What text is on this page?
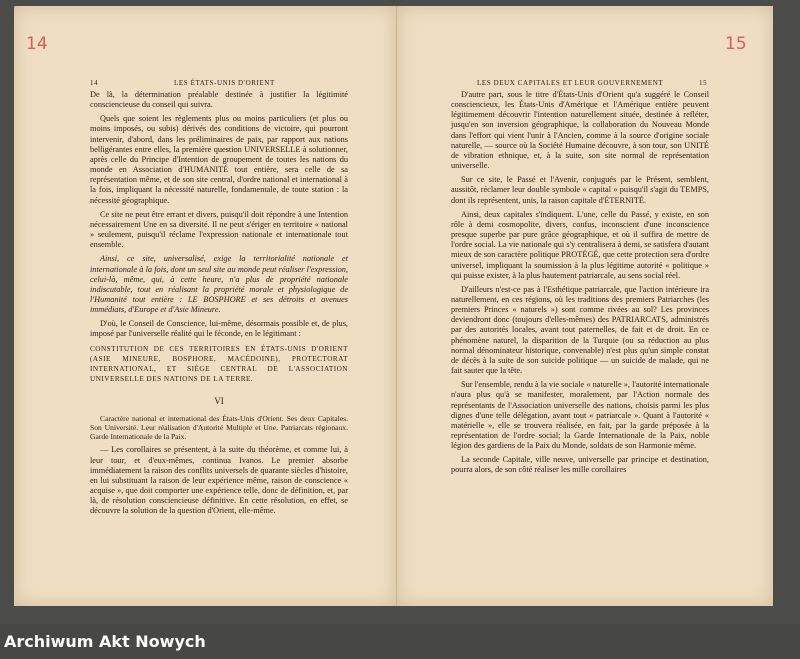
14
14	LES ÉTATS-UNIS D'ORIENT

De là, la détermination préalable destinée à justifier la légitimité consciencieuse du conseil qui suivra.

Quels que soient les règlements plus ou moins particuliers (et plus ou moins imposés, ou subis) dérivés des conditions de victoire, qui pourront intervenir, d'abord, dans les préliminaires de paix, par rapport aux nations belligérantes entre elles, la première question UNIVERSELLE à solutionner, après celle du Principe d'Intention de groupement de toutes les nations du monde en Association d'HUMANITÉ tout entière, sera celle de sa représentation même, et de son site central, d'ordre national et international à la fois, impliquant la nécessité naturelle, fondamentale, de toute station : la nécessité géographique.

Ce site ne peut être errant et divers, puisqu'il doit répondre à une Intention nécessairement Une en sa diversité. Il ne peut s'ériger en territoire « national » seulement, puisqu'il réclame l'expression nationale et internationale tout ensemble.

Ainsi, ce site, universalisé, exige la territorialité nationale et internationale à la fois, dont un seul site au monde peut réaliser l'expression, celui-là, même, qui, à cette heure, n'a plus de propriété nationale indiscutable, tout en réalisant la propriété morale et physiologique de l'Humanité tout entière : LE BOSPHORE et ses détroits et avenues immédiats, d'Europe et d'Asie Mineure.

D'où, le Conseil de Conscience, lui-même, désormais possible et, de plus, imposé par l'universelle réalité qui le féconde, en le légitimant :

CONSTITUTION DE CES TERRITOIRES EN ÉTATS-UNIS D'ORIENT (ASIE MINEURE, BOSPHORE, MACÉDOINE), PROTECTORAT INTERNATIONAL, ET SIÈGE CENTRAL DE L'ASSOCIATION UNIVERSELLE DES NATIONS DE LA TERRE.

VI

Caractère national et international des États-Unis d'Orient. Ses deux Capitales. Son Université. Leur réalisation d'Autorité Multiple et Une. Patriarcats régionaux. Garde Internationale de la Paix.

— Les corollaires se présentent, à la suite du théorème, et comme lui, à leur tour, et d'eux-mêmes, continua Ivanos. Le premier absorbe immédiatement la raison des conflits universels de quarante siècles d'histoire, en lui substituant la raison de leur expérience même, raison de conscience « acquise », que doit comporter une expérience telle, donc de définition, et, par là, de résolution consciencieuse définitive. En cette résolution, en effet, se découvre la solution de la question d'Orient, elle-même.

15
LES DEUX CAPITALES ET LEUR GOUVERNEMENT	15

D'autre part, sous le titre d'États-Unis d'Orient qu'a suggéré le Conseil consciencieux, les États-Unis d'Amérique et l'Amérique entière peuvent légitimement découvrir l'intention naturellement située, destinée à refléter, jusqu'en son inversion géographique, la collaboration du Nouveau Monde dans l'effort qui vient l'unir à l'Ancien, comme à la source d'origine sociale naturelle, — source où la Société Humaine découvre, à son tour, son UNITÉ de vibration ethnique, et, à la suite, son site normal de représentation universelle.

Sur ce site, le Passé et l'Avenir, conjugués par le Présent, semblent, aussitôt, réclamer leur double symbole « capital » puisqu'il s'agit du TEMPS, dont ils représentent, unis, la raison capitale d'ÉTERNITÉ.

Ainsi, deux capitales s'indiquent. L'une, celle du Passé, y existe, en son rôle à demi cosmopolite, divers, confus, inconscient d'une inconscience presque superbe par pure grâce géographique, et où il suffira de mettre de l'ordre social. La vie nationale qui s'y centralisera à demi, se satisfera d'autant mieux de son caractère politique PROTÉGÉ, que cette protection sera d'ordre universel, impliquant la soumission à la plus légitime autorité « politique » qui puisse exister, à la plus hautement patriarcale, au sens social réel.

D'ailleurs n'est-ce pas à l'Esthétique patriarcale, que l'action intérieure ira naturellement, en ces régions, où les traditions des premiers Patriarches (les premiers Princes « naturels ») sont comme rivées au sol? Les provinces deviendront donc (toujours d'elles-mêmes) des PATRIARCATS, administrés par des autorités locales, avant tout paternelles, de fait et de droit. En ce phénomène naturel, la disparition de la Turquie (ou sa réduction au plus normal dénominateur historique, convenable) n'est plus qu'un simple constat de décès à la suite de son suicide politique — un suicide de malade, qui ne fait sauter que la tête.

Sur l'ensemble, rendu à la vie sociale « naturelle », l'autorité internationale n'aura plus qu'à se manifester, moralement, par l'Action normale des représentants de l'Association universelle des nations, choisis parmi les plus dignes d'une telle délégation, avant tout « patriarcale ». Quant à l'autorité « matérielle », elle se trouvera réalisée, en fait, par la garde préposée à la représentation de l'ordre social; la Garde Internationale de la Paix, noble légion des gardiens de la Paix du Monde, soldats de son Harmonie même.

La seconde Capitale, ville neuve, universelle par principe et destination, pourra alors, de son côté réaliser les mille corollaires

Archiwum Akt Nowych
